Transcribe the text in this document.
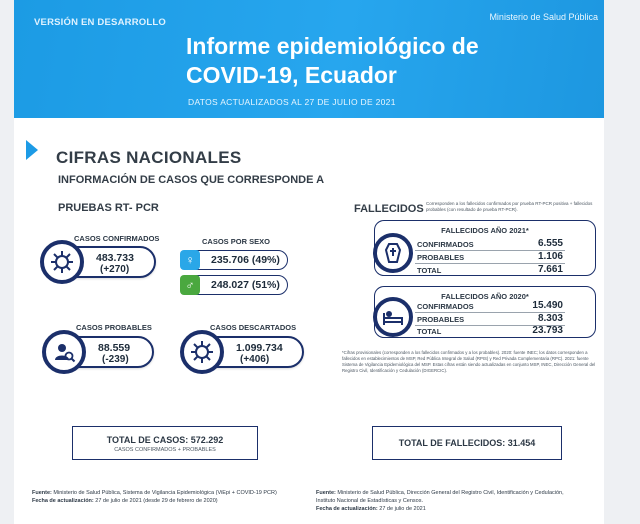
VERSIÓN EN DESARROLLO	Ministerio de Salud Pública
Informe epidemiológico de
COVID-19, Ecuador
DATOS ACTUALIZADOS AL 27 DE JULIO DE 2021
CIFRAS NACIONALES
INFORMACIÓN DE CASOS QUE CORRESPONDE A
PRUEBAS RT- PCR	FALLECIDOS Corresponden a los fallecidos confirmados por prueba RT-PCR positiva + fallecidos probables (con resultado de prueba RT-PCR).
CASOS CONFIRMADOS
483.733
(+270)
CASOS POR SEXO
♀	235.706 (49%)
♂	248.027 (51%)
CASOS PROBABLES
88.559
(-239)
CASOS DESCARTADOS
1.099.734
(+406)
FALLECIDOS AÑO 2021*
CONFIRMADOS	6.555
PROBABLES	1.106
TOTAL	7.661
FALLECIDOS AÑO 2020*
CONFIRMADOS	15.490
PROBABLES	8.303
TOTAL	23.793
*Cifras provisionales (corresponden a los fallecidos confirmados y a los probables). 2020: fuente INEC; los datos corresponden a fallecidos en establecimientos de MSP, Red Pública Integral de Salud (RPIS) y Red Privada Complementaria (RPC). 2021: fuente Sistema de Vigilancia Epidemiológica del MSP. Estas cifras están siendo actualizadas en conjunto MSP, INEC, Dirección General del Registro Civil, Identificación y Cedulación (DIGERCIC).
TOTAL DE CASOS: 572.292
CASOS CONFIRMADOS + PROBABLES
TOTAL DE FALLECIDOS: 31.454
Fuente: Ministerio de Salud Pública, Sistema de Vigilancia Epidemiológica (ViEpi + COVID-19 PCR)
Fecha de actualización: 27 de julio de 2021 (desde 29 de febrero de 2020)
Fuente: Ministerio de Salud Pública, Dirección General del Registro Civil, Identificación y Cedulación, Instituto Nacional de Estadísticas y Censos.
Fecha de actualización: 27 de julio de 2021
